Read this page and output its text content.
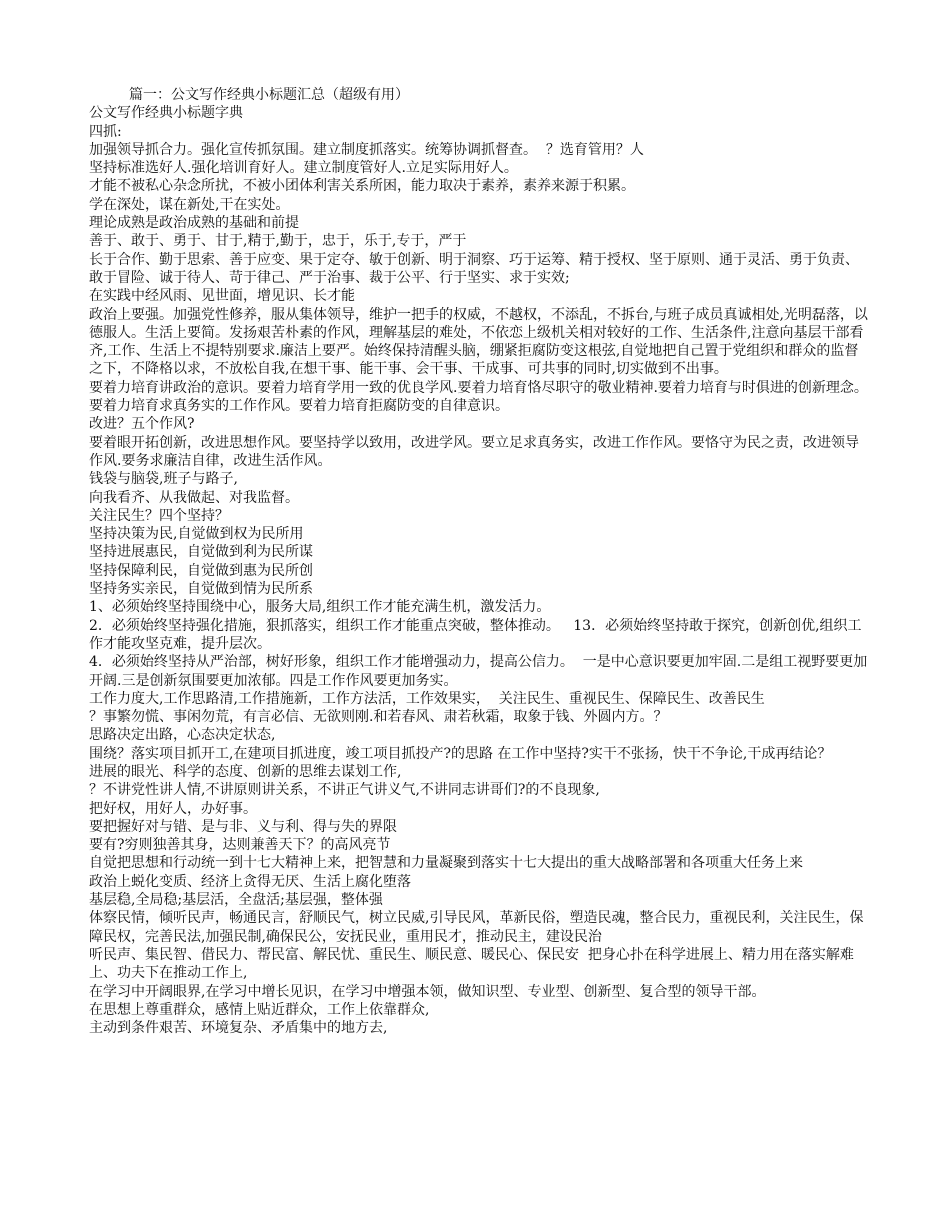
篇一：公文写作经典小标题汇总（超级有用）
公文写作经典小标题字典
四抓:
加强领导抓合力。强化宣传抓氛围。建立制度抓落实。统筹协调抓督查。  ？选育管用？人
坚持标准选好人.强化培训育好人。建立制度管好人.立足实际用好人。
才能不被私心杂念所扰，不被小团体利害关系所困，能力取决于素养，素养来源于积累。
学在深处，谋在新处,干在实处。
理论成熟是政治成熟的基础和前提
善于、敢于、勇于、甘于,精于,勤于，忠于，乐于,专于，严于
长于合作、勤于思索、善于应变、果于定夺、敏于创新、明于洞察、巧于运筹、精于授权、坚于原则、通于灵活、勇于负责、敢于冒险、诚于待人、苛于律己、严于治事、裁于公平、行于坚实、求于实效;
在实践中经风雨、见世面，增见识、长才能
政治上要强。加强党性修养，服从集体领导，维护一把手的权威，不越权，不添乱，不拆台,与班子成员真诚相处,光明磊落，以德服人。生活上要简。发扬艰苦朴素的作风，理解基层的难处，不依恋上级机关相对较好的工作、生活条件,注意向基层干部看齐,工作、生活上不提特别要求.廉洁上要严。始终保持清醒头脑，绷紧拒腐防变这根弦,自觉地把自己置于党组织和群众的监督之下，不降格以求，不放松自我,在想干事、能干事、会干事、干成事、可共事的同时,切实做到不出事。
要着力培育讲政治的意识。要着力培育学用一致的优良学风.要着力培育恪尽职守的敬业精神.要着力培育与时俱进的创新理念。要着力培育求真务实的工作作风。要着力培育拒腐防变的自律意识。
改进？五个作风?
要着眼开拓创新，改进思想作风。要坚持学以致用，改进学风。要立足求真务实，改进工作作风。要恪守为民之责，改进领导作风.要务求廉洁自律，改进生活作风。
钱袋与脑袋,班子与路子,
向我看齐、从我做起、对我监督。
关注民生？四个坚持？
坚持决策为民,自觉做到权为民所用
坚持进展惠民，自觉做到利为民所谋
坚持保障利民，自觉做到惠为民所创
坚持务实亲民，自觉做到情为民所系
1、必须始终坚持围绕中心，服务大局,组织工作才能充满生机，激发活力。
2．必须始终坚持强化措施，狠抓落实，组织工作才能重点突破，整体推动。   13．必须始终坚持敢于探究，创新创优,组织工作才能攻坚克难，提升层次。
4．必须始终坚持从严治部，树好形象，组织工作才能增强动力，提高公信力。  一是中心意识要更加牢固.二是组工视野要更加开阔.三是创新氛围要更加浓郁。四是工作作风要更加务实。
工作力度大,工作思路清,工作措施新，工作方法活，工作效果实，  关注民生、重视民生、保障民生、改善民生
？事繁勿慌、事闲勿荒，有言必信、无欲则刚.和若春风、肃若秋霜，取象于钱、外圆内方。？
思路决定出路，心态决定状态,
围绕？落实项目抓开工,在建项目抓进度，竣工项目抓投产?的思路 在工作中坚持?实干不张扬，快干不争论,干成再结论？
进展的眼光、科学的态度、创新的思维去谋划工作,
？不讲党性讲人情,不讲原则讲关系，不讲正气讲义气,不讲同志讲哥们?的不良现象,
把好权，用好人，办好事。
要把握好对与错、是与非、义与利、得与失的界限
要有?穷则独善其身，达则兼善天下？的高风亮节
自觉把思想和行动统一到十七大精神上来，把智慧和力量凝聚到落实十七大提出的重大战略部署和各项重大任务上来
政治上蜕化变质、经济上贪得无厌、生活上腐化堕落
基层稳,全局稳;基层活，全盘活;基层强，整体强
体察民情，倾听民声，畅通民言，舒顺民气，树立民威,引导民风，革新民俗，塑造民魂，整合民力，重视民利，关注民生，保障民权，完善民法,加强民制,确保民公，安抚民业，重用民才，推动民主，建设民治
听民声、集民智、借民力、帮民富、解民忧、重民生、顺民意、暖民心、保民安  把身心扑在科学进展上、精力用在落实解难上、功夫下在推动工作上,
在学习中开阔眼界,在学习中增长见识，在学习中增强本领，做知识型、专业型、创新型、复合型的领导干部。
在思想上尊重群众，感情上贴近群众，工作上依靠群众,
主动到条件艰苦、环境复杂、矛盾集中的地方去,
